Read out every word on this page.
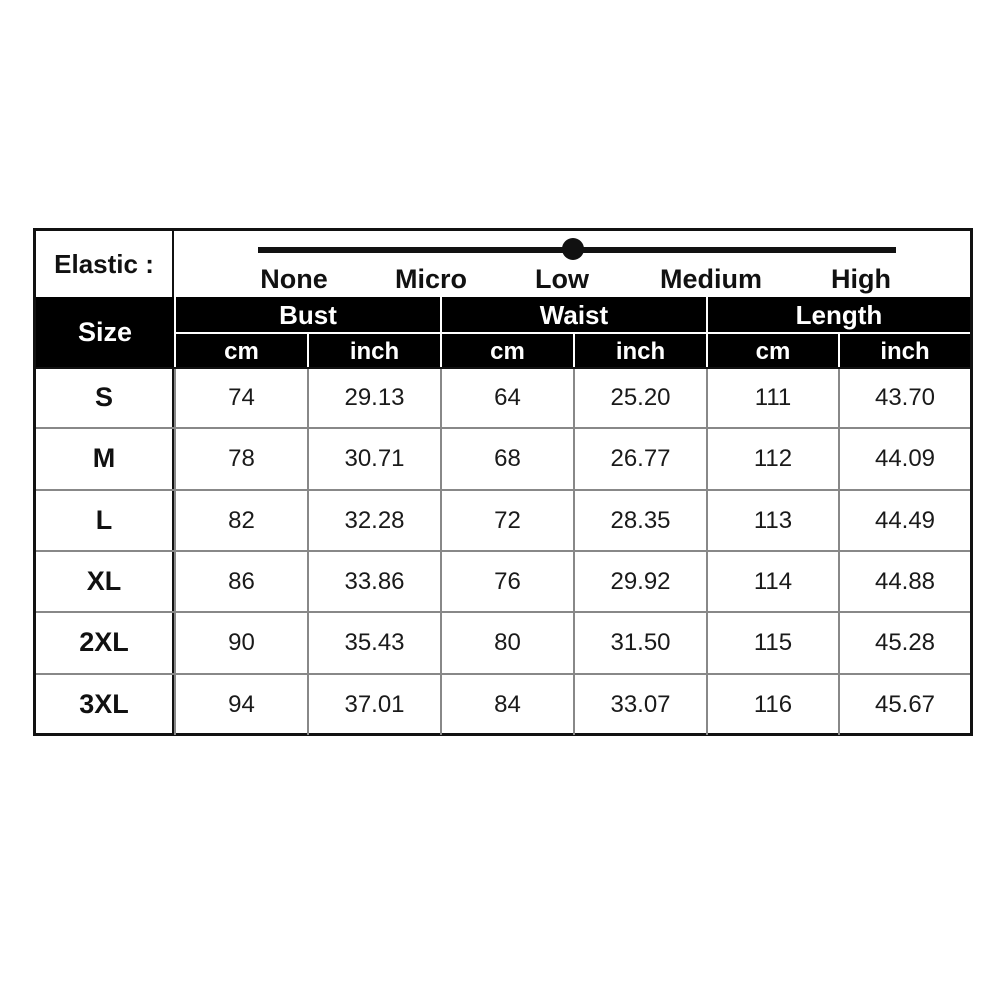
Elastic :	None Micro	Low	Medium	High
Size
Bust	Waist	Length
cm	inch	cm	inch	cm	inch
S	74	29.13	64	25.20	111	43.70
M	78	30.71	68	26.77	112	44.09
L	82	32.28	72	28.35	113	44.49
XL	86	33.86	76	29.92	114	44.88
2XL	90	35.43	80	31.50	115	45.28
3XL	94	37.01	84	33.07	116	45.67
